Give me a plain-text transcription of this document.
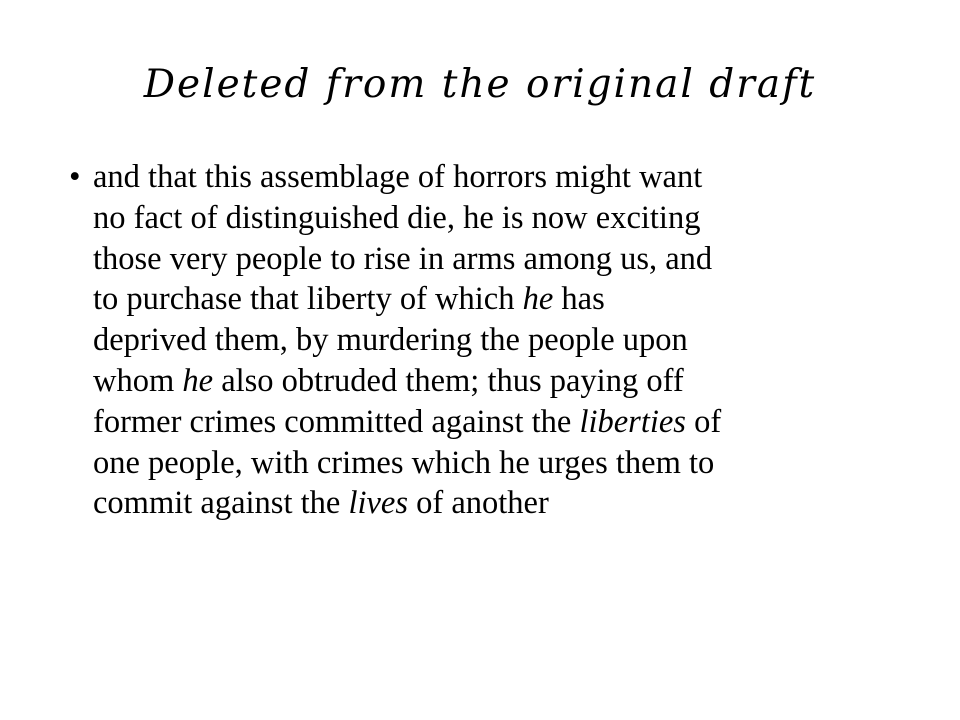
Deleted from the original draft
• and that this assemblage of horrors might want
no fact of distinguished die, he is now exciting
those very people to rise in arms among us, and
to purchase that liberty of which he has
deprived them, by murdering the people upon
whom he also obtruded them; thus paying off
former crimes committed against the liberties of
one people, with crimes which he urges them to
commit against the lives of another
